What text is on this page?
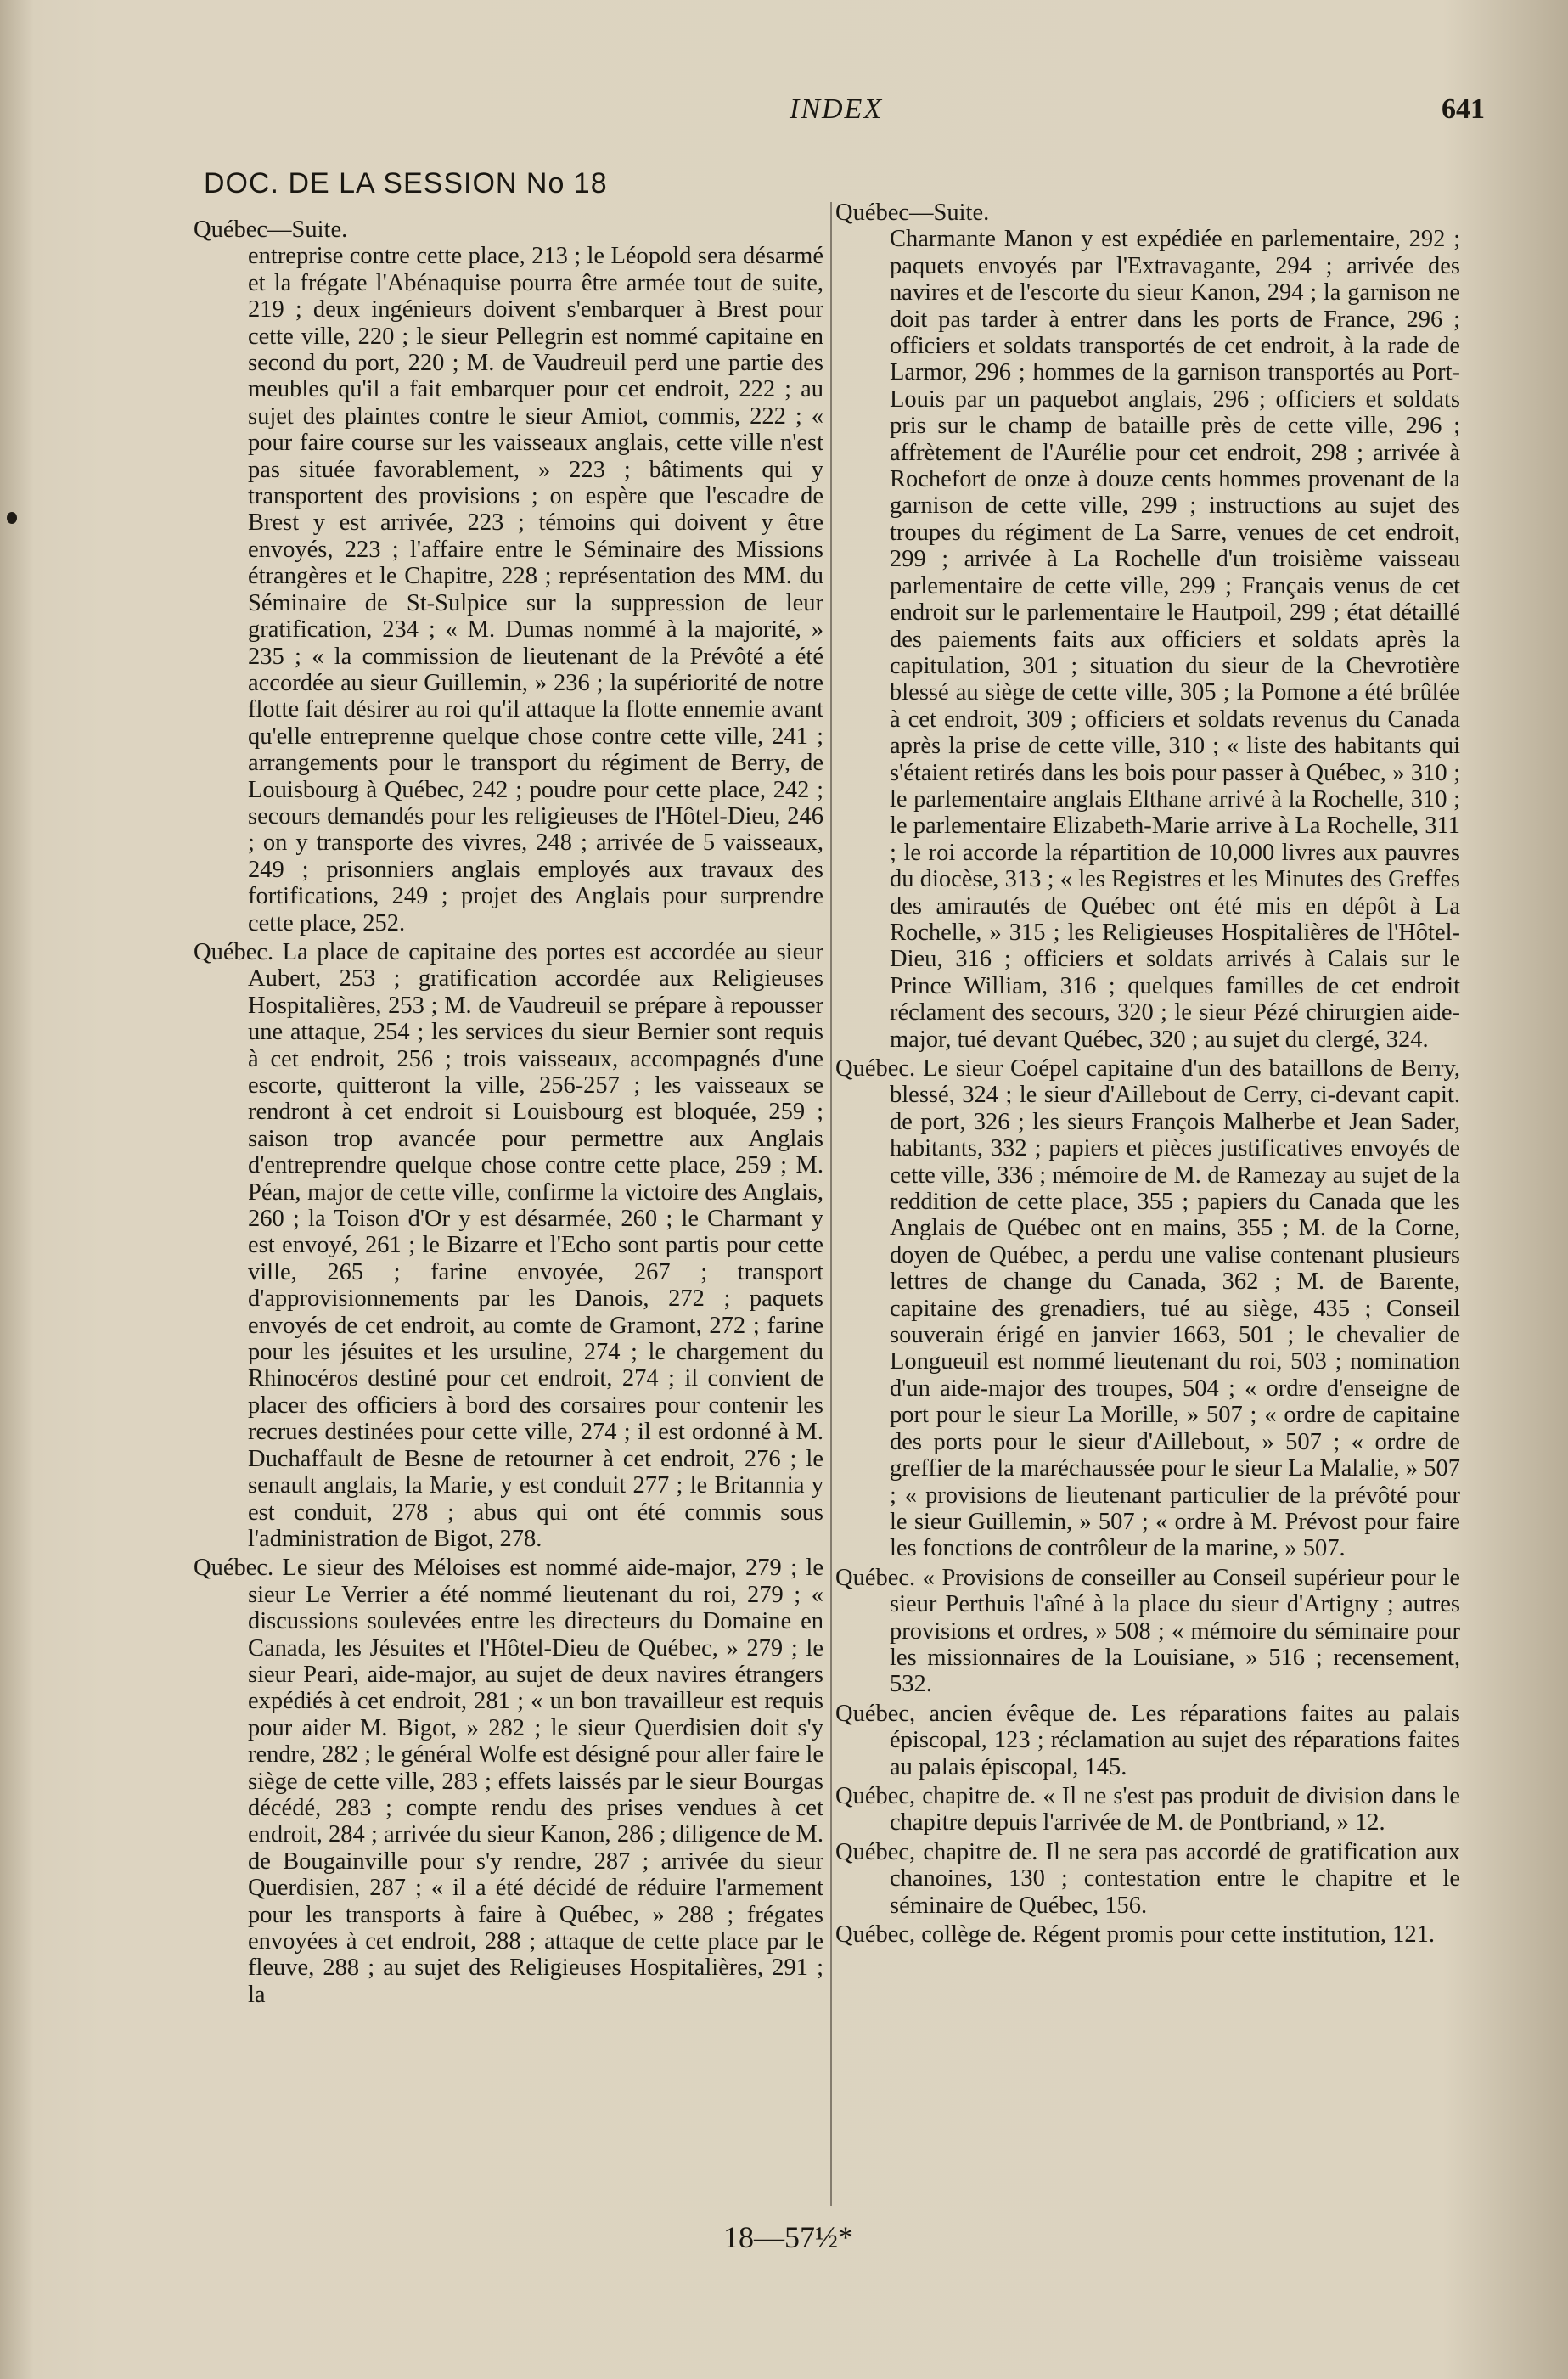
INDEX	641
DOC. DE LA SESSION No 18

Québec—Suite.

entreprise contre cette place, 213 ; le Léopold sera désarmé et la frégate l'Abénaquise pourra être armée tout de suite, 219 ; deux ingénieurs doivent s'embarquer à Brest pour cette ville, 220 ; le sieur Pellegrin est nommé capitaine en second du port, 220 ; M. de Vaudreuil perd une partie des meubles qu'il a fait embarquer pour cet endroit, 222 ; au sujet des plaintes contre le sieur Amiot, commis, 222 ; « pour faire course sur les vaisseaux anglais, cette ville n'est pas située favorablement, » 223 ; bâtiments qui y transportent des provisions ; on espère que l'escadre de Brest y est arrivée, 223 ; témoins qui doivent y être envoyés, 223 ; l'affaire entre le Séminaire des Missions étrangères et le Chapitre, 228 ; représentation des MM. du Séminaire de St-Sulpice sur la suppression de leur gratification, 234 ; « M. Dumas nommé à la majorité, » 235 ; « la commission de lieutenant de la Prévôté a été accordée au sieur Guillemin, » 236 ; la supériorité de notre flotte fait désirer au roi qu'il attaque la flotte ennemie avant qu'elle entreprenne quelque chose contre cette ville, 241 ; arrangements pour le transport du régiment de Berry, de Louisbourg à Québec, 242 ; poudre pour cette place, 242 ; secours demandés pour les religieuses de l'Hôtel-Dieu, 246 ; on y transporte des vivres, 248 ; arrivée de 5 vaisseaux, 249 ; prisonniers anglais employés aux travaux des fortifications, 249 ; projet des Anglais pour surprendre cette place, 252.

Québec. La place de capitaine des portes est accordée au sieur Aubert, 253 ; gratification accordée aux Religieuses Hospitalières, 253 ; M. de Vaudreuil se prépare à repousser une attaque, 254 ; les services du sieur Bernier sont requis à cet endroit, 256 ; trois vaisseaux, accompagnés d'une escorte, quitteront la ville, 256-257 ; les vaisseaux se rendront à cet endroit si Louisbourg est bloquée, 259 ; saison trop avancée pour permettre aux Anglais d'entreprendre quelque chose contre cette place, 259 ; M. Péan, major de cette ville, confirme la victoire des Anglais, 260 ; la Toison d'Or y est désarmée, 260 ; le Charmant y est envoyé, 261 ; le Bizarre et l'Echo sont partis pour cette ville, 265 ; farine envoyée, 267 ; transport d'approvisionnements par les Danois, 272 ; paquets envoyés de cet endroit, au comte de Gramont, 272 ; farine pour les jésuites et les ursuline, 274 ; le chargement du Rhinocéros destiné pour cet endroit, 274 ; il convient de placer des officiers à bord des corsaires pour contenir les recrues destinées pour cette ville, 274 ; il est ordonné à M. Duchaffault de Besne de retourner à cet endroit, 276 ; le senault anglais, la Marie, y est conduit 277 ; le Britannia y est conduit, 278 ; abus qui ont été commis sous l'administration de Bigot, 278.

Québec. Le sieur des Méloises est nommé aide-major, 279 ; le sieur Le Verrier a été nommé lieutenant du roi, 279 ; « discussions soulevées entre les directeurs du Domaine en Canada, les Jésuites et l'Hôtel-Dieu de Québec, » 279 ; le sieur Peari, aide-major, au sujet de deux navires étrangers expédiés à cet endroit, 281 ; « un bon travailleur est requis pour aider M. Bigot, » 282 ; le sieur Querdisien doit s'y rendre, 282 ; le général Wolfe est désigné pour aller faire le siège de cette ville, 283 ; effets laissés par le sieur Bourgas décédé, 283 ; compte rendu des prises vendues à cet endroit, 284 ; arrivée du sieur Kanon, 286 ; diligence de M. de Bougainville pour s'y rendre, 287 ; arrivée du sieur Querdisien, 287 ; « il a été décidé de réduire l'armement pour les transports à faire à Québec, » 288 ; frégates envoyées à cet endroit, 288 ; attaque de cette place par le fleuve, 288 ; au sujet des Religieuses Hospitalières, 291 ; la

Québec—Suite.

Charmante Manon y est expédiée en parlementaire, 292 ; paquets envoyés par l'Extravagante, 294 ; arrivée des navires et de l'escorte du sieur Kanon, 294 ; la garnison ne doit pas tarder à entrer dans les ports de France, 296 ; officiers et soldats transportés de cet endroit, à la rade de Larmor, 296 ; hommes de la garnison transportés au Port-Louis par un paquebot anglais, 296 ; officiers et soldats pris sur le champ de bataille près de cette ville, 296 ; affrètement de l'Aurélie pour cet endroit, 298 ; arrivée à Rochefort de onze à douze cents hommes provenant de la garnison de cette ville, 299 ; instructions au sujet des troupes du régiment de La Sarre, venues de cet endroit, 299 ; arrivée à La Rochelle d'un troisième vaisseau parlementaire de cette ville, 299 ; Français venus de cet endroit sur le parlementaire le Hautpoil, 299 ; état détaillé des paiements faits aux officiers et soldats après la capitulation, 301 ; situation du sieur de la Chevrotière blessé au siège de cette ville, 305 ; la Pomone a été brûlée à cet endroit, 309 ; officiers et soldats revenus du Canada après la prise de cette ville, 310 ; « liste des habitants qui s'étaient retirés dans les bois pour passer à Québec, » 310 ; le parlementaire anglais Elthane arrivé à la Rochelle, 310 ; le parlementaire Elizabeth-Marie arrive à La Rochelle, 311 ; le roi accorde la répartition de 10,000 livres aux pauvres du diocèse, 313 ; « les Registres et les Minutes des Greffes des amirautés de Québec ont été mis en dépôt à La Rochelle, » 315 ; les Religieuses Hospitalières de l'Hôtel-Dieu, 316 ; officiers et soldats arrivés à Calais sur le Prince William, 316 ; quelques familles de cet endroit réclament des secours, 320 ; le sieur Pézé chirurgien aide-major, tué devant Québec, 320 ; au sujet du clergé, 324.

Québec. Le sieur Coépel capitaine d'un des bataillons de Berry, blessé, 324 ; le sieur d'Aillebout de Cerry, ci-devant capit. de port, 326 ; les sieurs François Malherbe et Jean Sader, habitants, 332 ; papiers et pièces justificatives envoyés de cette ville, 336 ; mémoire de M. de Ramezay au sujet de la reddition de cette place, 355 ; papiers du Canada que les Anglais de Québec ont en mains, 355 ; M. de la Corne, doyen de Québec, a perdu une valise contenant plusieurs lettres de change du Canada, 362 ; M. de Barente, capitaine des grenadiers, tué au siège, 435 ; Conseil souverain érigé en janvier 1663, 501 ; le chevalier de Longueuil est nommé lieutenant du roi, 503 ; nomination d'un aide-major des troupes, 504 ; « ordre d'enseigne de port pour le sieur La Morille, » 507 ; « ordre de capitaine des ports pour le sieur d'Aillebout, » 507 ; « ordre de greffier de la maréchaussée pour le sieur La Malalie, » 507 ; « provisions de lieutenant particulier de la prévôté pour le sieur Guillemin, » 507 ; « ordre à M. Prévost pour faire les fonctions de contrôleur de la marine, » 507.

Québec. « Provisions de conseiller au Conseil supérieur pour le sieur Perthuis l'aîné à la place du sieur d'Artigny ; autres provisions et ordres, » 508 ; « mémoire du séminaire pour les missionnaires de la Louisiane, » 516 ; recensement, 532.

Québec, ancien évêque de. Les réparations faites au palais épiscopal, 123 ; réclamation au sujet des réparations faites au palais épiscopal, 145.

Québec, chapitre de. « Il ne s'est pas produit de division dans le chapitre depuis l'arrivée de M. de Pontbriand, » 12.

Québec, chapitre de. Il ne sera pas accordé de gratification aux chanoines, 130 ; contestation entre le chapitre et le séminaire de Québec, 156.

Québec, collège de. Régent promis pour cette institution, 121.

18—57½*
